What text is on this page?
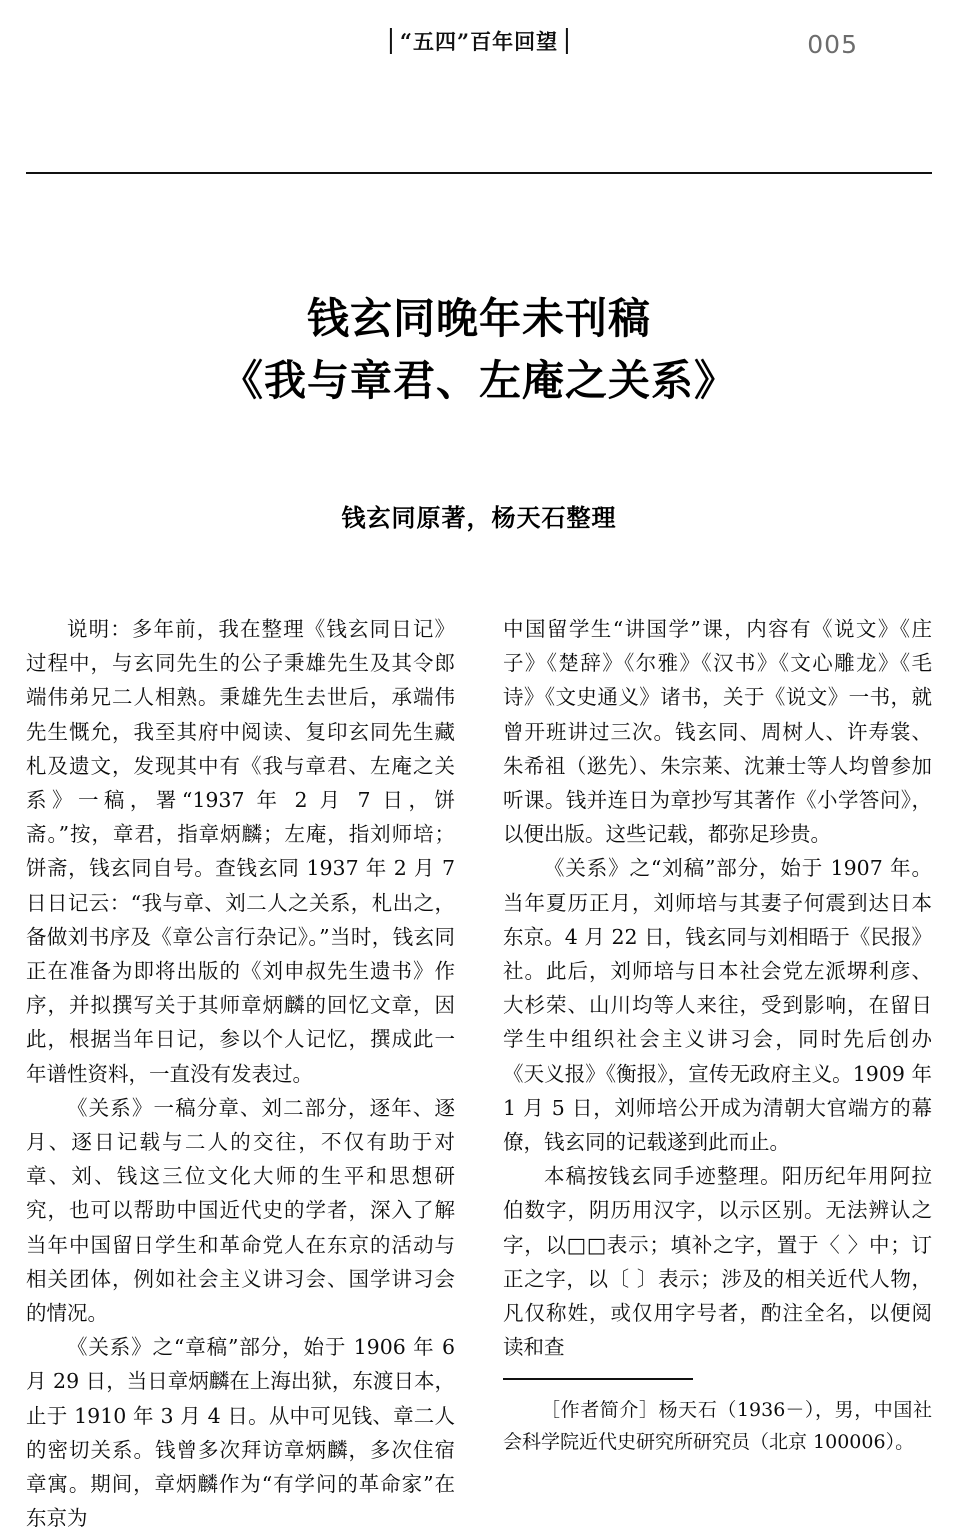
“五四”百年回望	005
钱玄同晚年未刊稿
《我与章君、左庵之关系》
钱玄同原著，杨天石整理

说明：多年前，我在整理《钱玄同日记》过程中，与玄同先生的公子秉雄先生及其令郎端伟弟兄二人相熟。秉雄先生去世后，承端伟先生慨允，我至其府中阅读、复印玄同先生藏札及遗文，发现其中有《我与章君、左庵之关系》一稿，署“1937 年 2 月 7 日，饼斋。”按，章君，指章炳麟；左庵，指刘师培；饼斋，钱玄同自号。查钱玄同 1937 年 2 月 7 日日记云：“我与章、刘二人之关系，札出之，备做刘书序及《章公言行杂记》。”当时，钱玄同正在准备为即将出版的《刘申叔先生遗书》作序，并拟撰写关于其师章炳麟的回忆文章，因此，根据当年日记，参以个人记忆，撰成此一年谱性资料，一直没有发表过。

《关系》一稿分章、刘二部分，逐年、逐月、逐日记载与二人的交往，不仅有助于对章、刘、钱这三位文化大师的生平和思想研究，也可以帮助中国近代史的学者，深入了解当年中国留日学生和革命党人在东京的活动与相关团体，例如社会主义讲习会、国学讲习会的情况。

《关系》之“章稿”部分，始于 1906 年 6 月 29 日，当日章炳麟在上海出狱，东渡日本，止于 1910 年 3 月 4 日。从中可见钱、章二人的密切关系。钱曾多次拜访章炳麟，多次住宿章寓。期间，章炳麟作为“有学问的革命家”在东京为

中国留学生“讲国学”课，内容有《说文》《庄子》《楚辞》《尔雅》《汉书》《文心雕龙》《毛诗》《文史通义》诸书，关于《说文》一书，就曾开班讲过三次。钱玄同、周树人、许寿裳、朱希祖（逖先）、朱宗莱、沈兼士等人均曾参加听课。钱并连日为章抄写其著作《小学答问》，以便出版。这些记载，都弥足珍贵。

《关系》之“刘稿”部分，始于 1907 年。当年夏历正月，刘师培与其妻子何震到达日本东京。4 月 22 日，钱玄同与刘相晤于《民报》社。此后，刘师培与日本社会党左派堺利彦、大杉荣、山川均等人来往，受到影响，在留日学生中组织社会主义讲习会，同时先后创办《天义报》《衡报》，宣传无政府主义。1909 年 1 月 5 日，刘师培公开成为清朝大官端方的幕僚，钱玄同的记载遂到此而止。

本稿按钱玄同手迹整理。阳历纪年用阿拉伯数字，阴历用汉字，以示区别。无法辨认之字，以□□表示；填补之字，置于〈 〉中；订正之字，以〔 〕表示；涉及的相关近代人物，凡仅称姓，或仅用字号者，酌注全名，以便阅读和查

［作者简介］杨天石（1936－），男，中国社会科学院近代史研究所研究员（北京 100006）。
